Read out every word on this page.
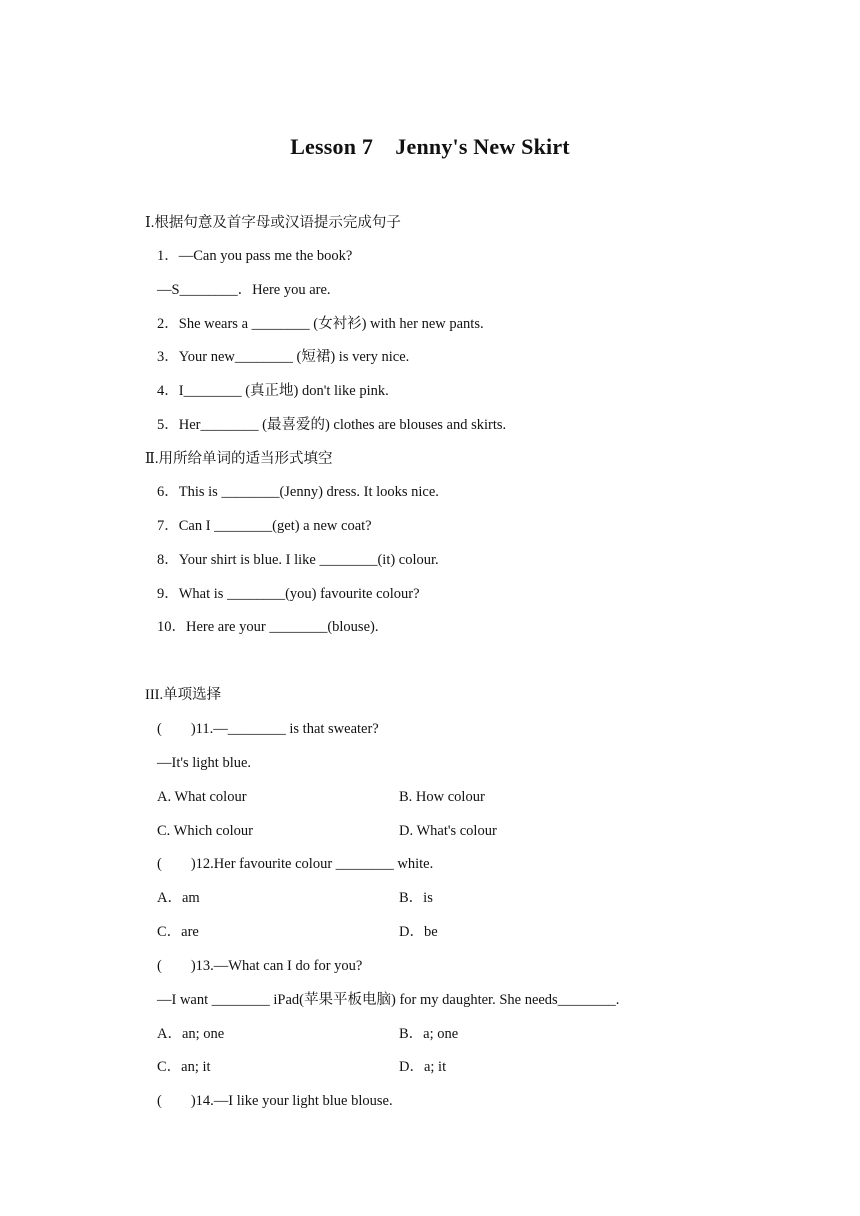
Lesson 7　Jenny's New Skirt
Ⅰ.根据句意及首字母或汉语提示完成句子
1．—Can you pass me the book?
—S________．Here you are.
2．She wears a ________ (女衬衫) with her new pants.
3．Your new________ (短裙) is very nice.
4．I________ (真正地) don't like pink.
5．Her________ (最喜爱的) clothes are blouses and skirts.
Ⅱ.用所给单词的适当形式填空
6．This is ________(Jenny) dress. It looks nice.
7．Can I ________(get) a new coat?
8．Your shirt is blue. I like ________(it) colour.
9．What is ________(you) favourite colour?
10．Here are your ________(blouse).
III.单项选择
(　　)11.—________ is that sweater?
—It's light blue.
A. What colour	B. How colour
C. Which colour	D. What's colour
(　　)12.Her favourite colour ________ white.
A．am	B．is
C．are	D．be
(　　)13.—What can I do for you?
—I want ________ iPad(苹果平板电脑) for my daughter. She needs________.
A．an; one	B．a; one
C．an; it	D．a; it
(　　)14.—I like your light blue blouse.
